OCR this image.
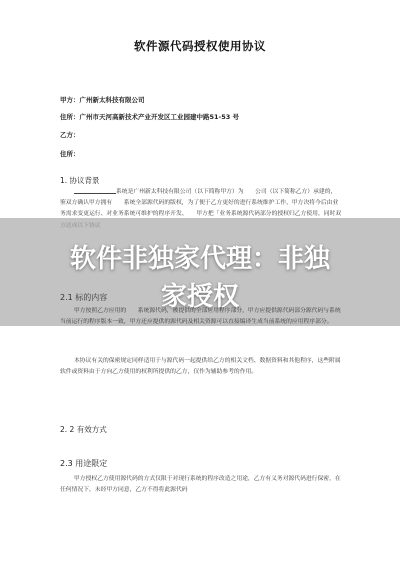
软件源代码授权使用协议
甲方：广州新太科技有限公司
住所：广州市天河高新技术产业开发区工业园建中路51-53 号
乙方：
住所：
1. 协议背景
系统是广州新太科技有限公司（以下简称甲方）为　　公司（以下简称乙方）承建的，鉴双方确认甲方拥有　　系统全部源代码的版权，为了便于乙方更好的进行系统维护工作，甲方决将今后由业务需求变更运行、对业务系统可维护的程序开发、　　甲方把「业务系统源代码部分的授权归乙方使用，同时双
软件非独家代理：非独
家授权
2.1 标的内容
甲方按照乙方应用的　　系统源代码，被提供的全部应用程序部分，甲方应提供源代码部分源代码与系统当前运行的程序版本一致，甲方还应提供的源代码及相关资源可以直接编译生成当前系统的应用程序部分。
本协议有关的保密规定同样适用于与源代码一起提供给乙方的相关文档、数据资料和其他程序，这些附属软件或资料由于方向乙方使用的权利所提供的乙方，仅作为辅助参考的作用。
2. 2 有效方式
2.3 用途限定
甲方授权乙方使用源代码的方式仅限于对现行系统的程序改造之用途，乙方有义务对源代码进行保密，在任何情况下，未经甲方同意，乙方不得将此源代码
